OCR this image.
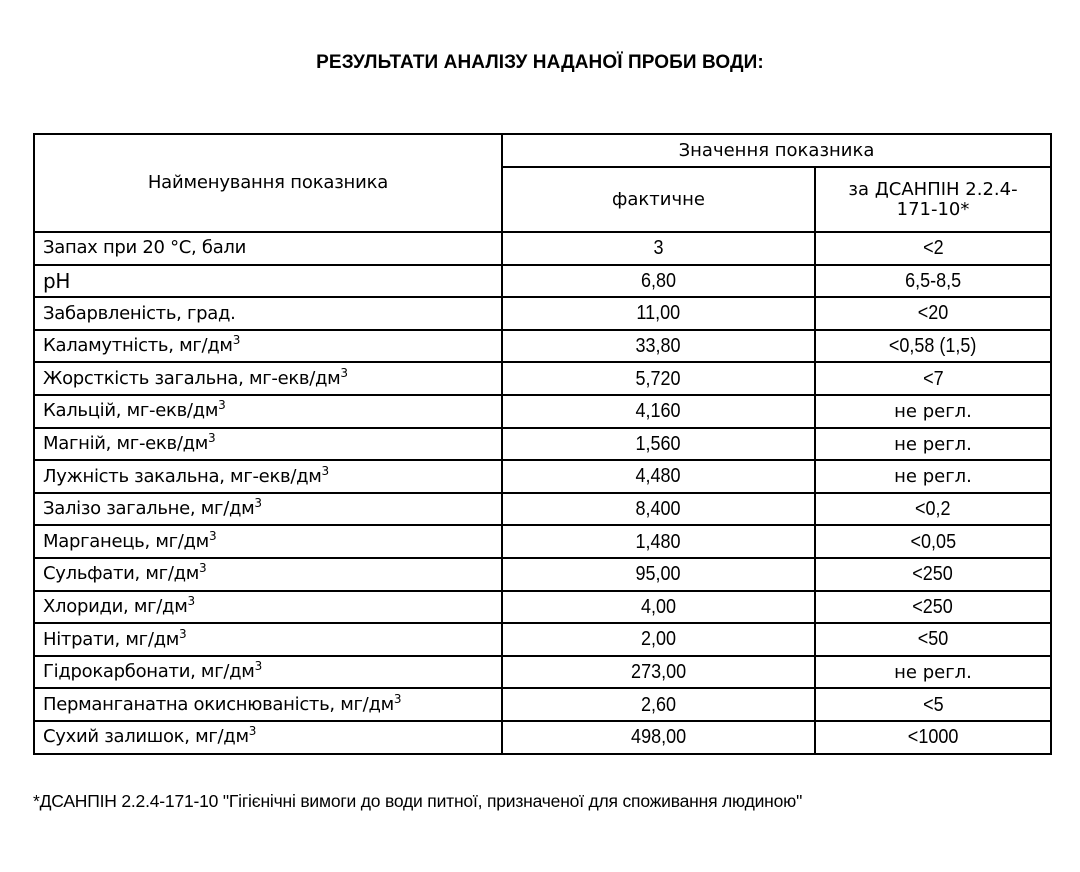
РЕЗУЛЬТАТИ АНАЛІЗУ НАДАНОЇ ПРОБИ ВОДИ:
Найменування показника	Значення показника	
	фактичне	за ДСАНПІН 2.2.4-
171-10*
Запах при 20 °С, бали	3	<2
pH	6,80	6,5-8,5
Забарвленість, град.	11,00	<20
Каламутність, $мг/дм^3$	33,80	<0,58 (1,5)
Жорсткість загальна, $мг-екв/дм^3$	5,720	<7
Кальцій, $мг-екв/дм^3$	4,160	не регл.
Магній, $мг-екв/дм^3$	1,560	не регл.
Лужність закальна, $мг-екв/дм^3$	4,480	не регл.
Залізо загальне, $мг/дм^3$	8,400	<0,2
Марганець, $мг/дм^3$	1,480	<0,05
Сульфати, $мг/дм^3$	95,00	<250
Хлориди, $мг/дм^3$	4,00	<250
Нітрати, $мг/дм^3$	2,00	<50
Гідрокарбонати, $мг/дм^3$	273,00	не регл.
Перманганатна окиснюваність, $мг/дм^3$	2,60	<5
Сухий залишок, $мг/дм^3$	498,00	<1000
*ДСАНПІН 2.2.4-171-10 "Гігієнічні вимоги до води питної, призначеної для споживання людиною"
